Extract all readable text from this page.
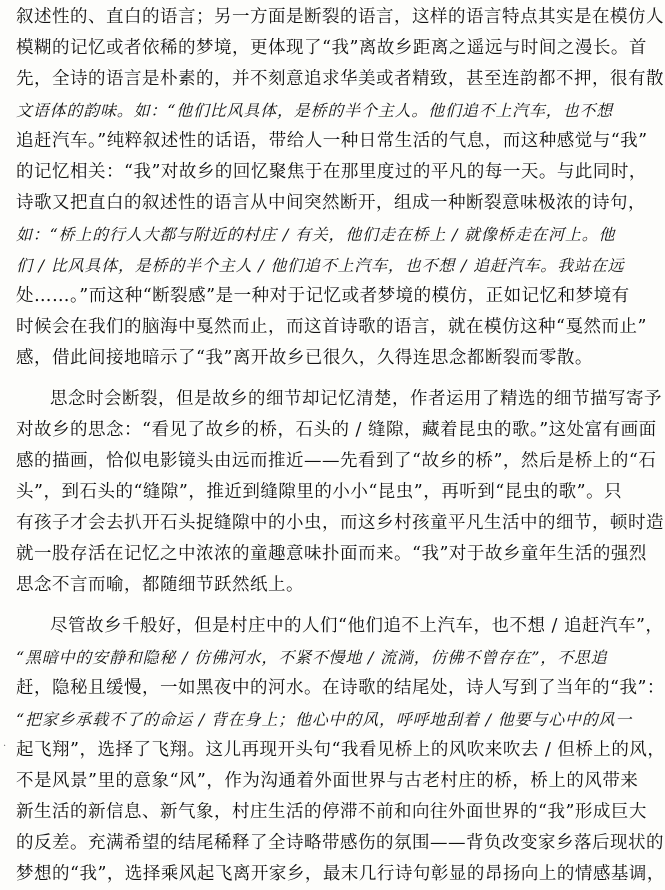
叙述性的、直白的语言；另一方面是断裂的语言，这样的语言特点其实是在模仿人
模糊的记忆或者依稀的梦境，更体现了“我”离故乡距离之遥远与时间之漫长。首
先，全诗的语言是朴素的，并不刻意追求华美或者精致，甚至连韵都不押，很有散
文语体的韵味。如：“他们比风具体，是桥的半个主人。他们追不上汽车，也不想
追赶汽车。”纯粹叙述性的话语，带给人一种日常生活的气息，而这种感觉与“我”
的记忆相关：“我”对故乡的回忆聚焦于在那里度过的平凡的每一天。与此同时，
诗歌又把直白的叙述性的语言从中间突然断开，组成一种断裂意味极浓的诗句，
如：“桥上的行人大都与附近的村庄 / 有关，他们走在桥上 / 就像桥走在河上。他
们 / 比风具体，是桥的半个主人 / 他们追不上汽车，也不想 / 追赶汽车。我站在远
处……。”而这种“断裂感”是一种对于记忆或者梦境的模仿，正如记忆和梦境有
时候会在我们的脑海中戛然而止，而这首诗歌的语言，就在模仿这种“戛然而止”
感，借此间接地暗示了“我”离开故乡已很久，久得连思念都断裂而零散。
思念时会断裂，但是故乡的细节却记忆清楚，作者运用了精选的细节描写寄予
对故乡的思念：“看见了故乡的桥，石头的 / 缝隙，藏着昆虫的歌。”这处富有画面
感的描画，恰似电影镜头由远而推近——先看到了“故乡的桥”，然后是桥上的“石
头”，到石头的“缝隙”，推近到缝隙里的小小“昆虫”，再听到“昆虫的歌”。只
有孩子才会去扒开石头捉缝隙中的小虫，而这乡村孩童平凡生活中的细节，顿时造
就一股存活在记忆之中浓浓的童趣意味扑面而来。“我”对于故乡童年生活的强烈
思念不言而喻，都随细节跃然纸上。
尽管故乡千般好，但是村庄中的人们“他们追不上汽车，也不想 / 追赶汽车”，
“黑暗中的安静和隐秘 / 仿佛河水，不紧不慢地 / 流淌，仿佛不曾存在”，不思追
赶，隐秘且缓慢，一如黑夜中的河水。在诗歌的结尾处，诗人写到了当年的“我”：
“把家乡承载不了的命运 / 背在身上；他心中的风，呼呼地刮着 / 他要与心中的风一
起飞翔”，选择了飞翔。这儿再现开头句“我看见桥上的风吹来吹去 / 但桥上的风，
不是风景”里的意象“风”，作为沟通着外面世界与古老村庄的桥，桥上的风带来
新生活的新信息、新气象，村庄生活的停滞不前和向往外面世界的“我”形成巨大
的反差。充满希望的结尾稀释了全诗略带感伤的氛围——背负改变家乡落后现状的
梦想的“我”，选择乘风起飞离开家乡，最末几行诗句彰显的昂扬向上的情感基调，
·
